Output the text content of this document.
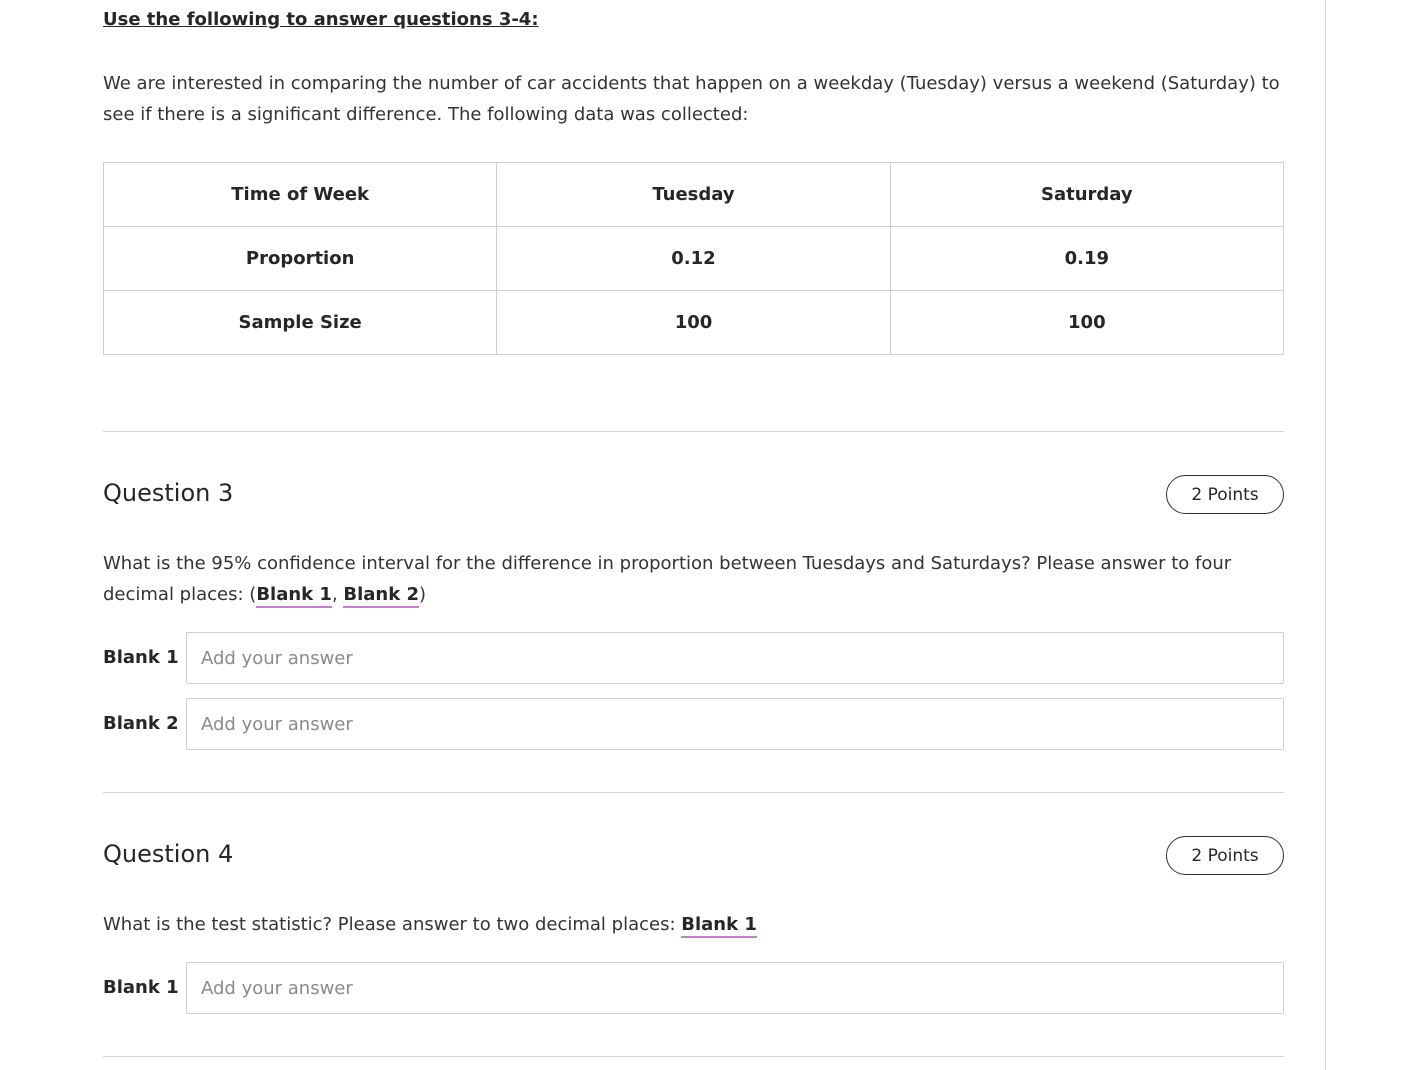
Use the following to answer questions 3-4:
We are interested in comparing the number of car accidents that happen on a weekday (Tuesday) versus a weekend (Saturday) to see if there is a significant difference. The following data was collected:
Time of Week	Tuesday	Saturday
Proportion	0.12	0.19
Sample Size	100	100
Question 3	2 Points
What is the 95% confidence interval for the difference in proportion between Tuesdays and Saturdays? Please answer to four decimal places: (Blank 1, Blank 2)
Blank 1
Add your answer
Blank 2
Add your answer
Question 4	2 Points
What is the test statistic? Please answer to two decimal places: Blank 1
Blank 1
Add your answer
